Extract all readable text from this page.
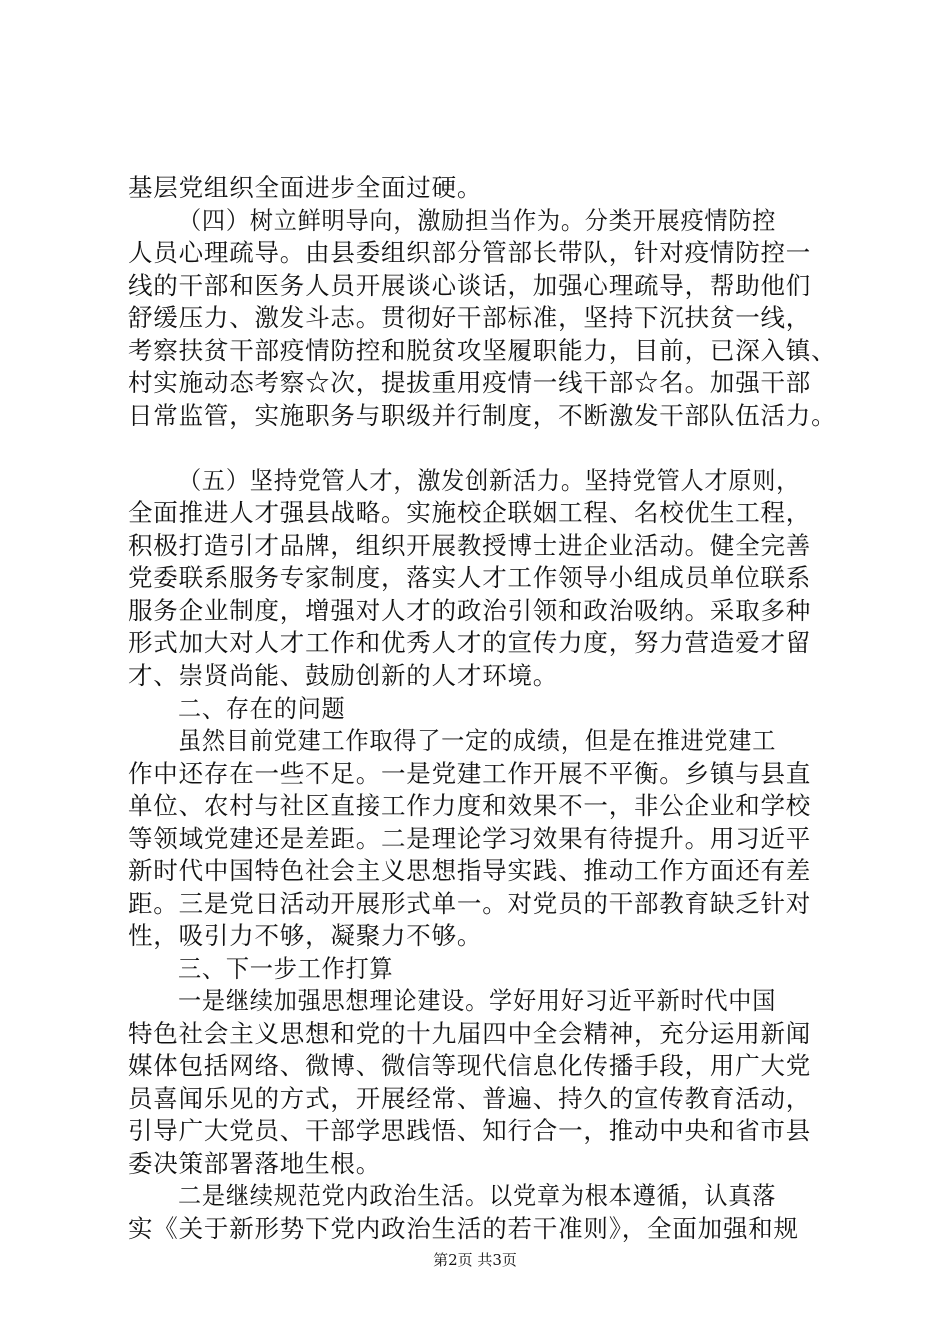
基层党组织全面进步全面过硬。
（四）树立鲜明导向，激励担当作为。分类开展疫情防控
人员心理疏导。由县委组织部分管部长带队，针对疫情防控一
线的干部和医务人员开展谈心谈话，加强心理疏导，帮助他们
舒缓压力、激发斗志。贯彻好干部标准，坚持下沉扶贫一线，
考察扶贫干部疫情防控和脱贫攻坚履职能力，目前，已深入镇、
村实施动态考察☆次，提拔重用疫情一线干部☆名。加强干部
日常监管，实施职务与职级并行制度，不断激发干部队伍活力。
（五）坚持党管人才，激发创新活力。坚持党管人才原则，
全面推进人才强县战略。实施校企联姻工程、名校优生工程，
积极打造引才品牌，组织开展教授博士进企业活动。健全完善
党委联系服务专家制度，落实人才工作领导小组成员单位联系
服务企业制度，增强对人才的政治引领和政治吸纳。采取多种
形式加大对人才工作和优秀人才的宣传力度，努力营造爱才留
才、崇贤尚能、鼓励创新的人才环境。
二、存在的问题
虽然目前党建工作取得了一定的成绩，但是在推进党建工
作中还存在一些不足。一是党建工作开展不平衡。乡镇与县直
单位、农村与社区直接工作力度和效果不一，非公企业和学校
等领域党建还是差距。二是理论学习效果有待提升。用习近平
新时代中国特色社会主义思想指导实践、推动工作方面还有差
距。三是党日活动开展形式单一。对党员的干部教育缺乏针对
性，吸引力不够，凝聚力不够。
三、下一步工作打算
一是继续加强思想理论建设。学好用好习近平新时代中国
特色社会主义思想和党的十九届四中全会精神，充分运用新闻
媒体包括网络、微博、微信等现代信息化传播手段，用广大党
员喜闻乐见的方式，开展经常、普遍、持久的宣传教育活动，
引导广大党员、干部学思践悟、知行合一，推动中央和省市县
委决策部署落地生根。
二是继续规范党内政治生活。以党章为根本遵循，认真落
实《关于新形势下党内政治生活的若干准则》，全面加强和规
第2页 共3页
